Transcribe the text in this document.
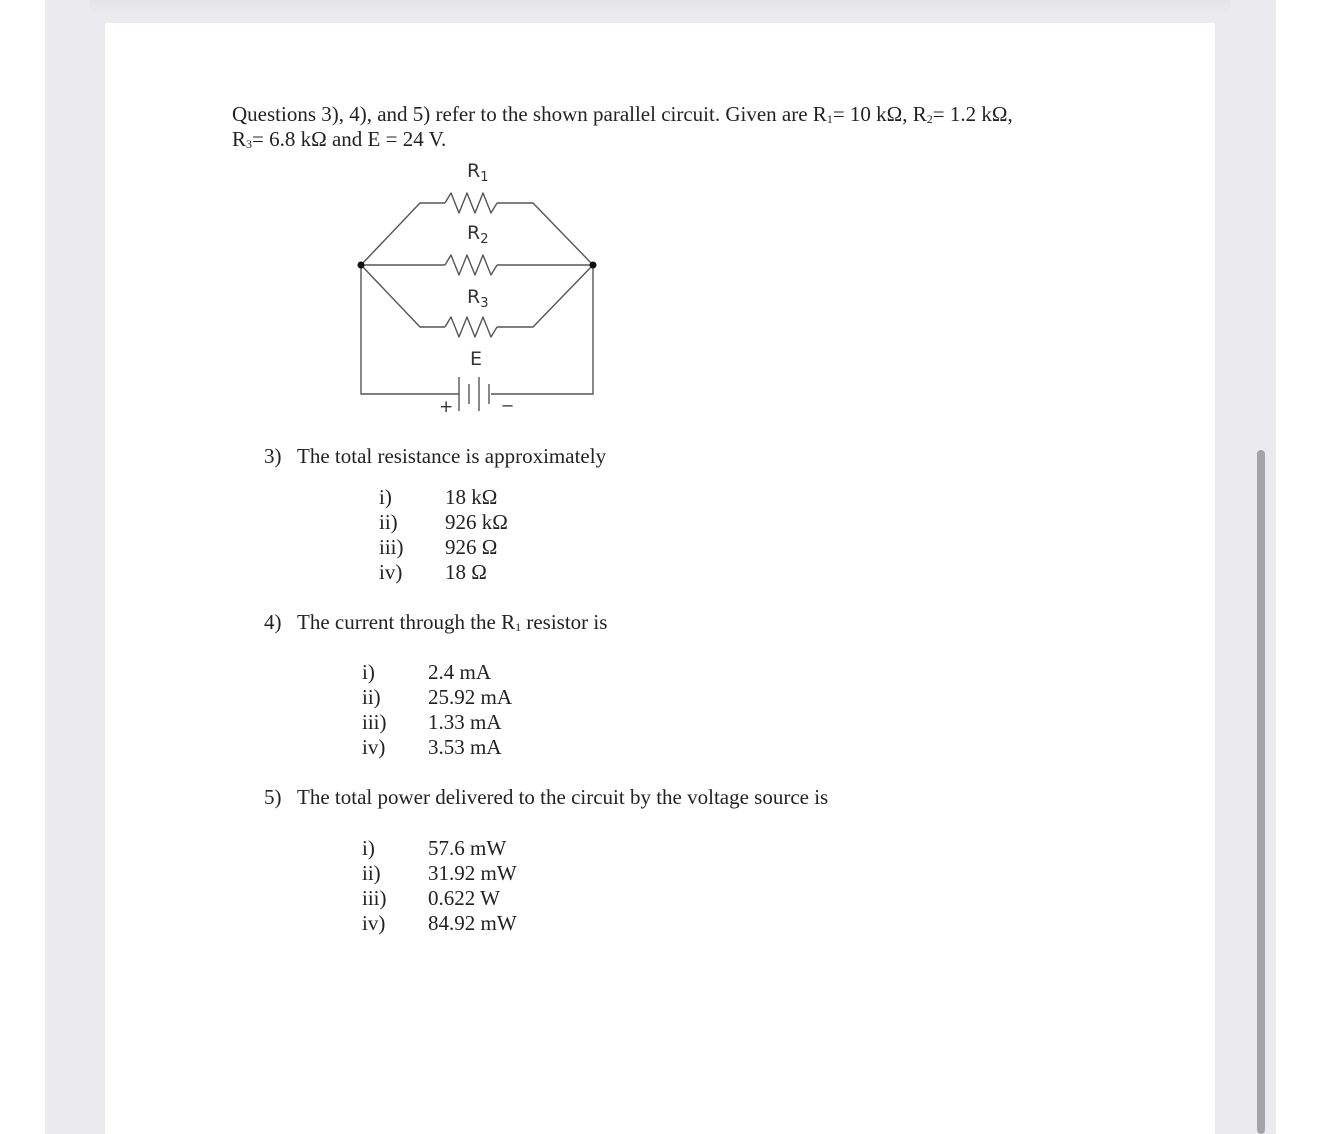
Questions 3), 4), and 5) refer to the shown parallel circuit. Given are $R_1= 10$ kΩ, $R_2= 1.2$ kΩ,
$R_3= 6.8$ kΩ and E = 24 V.
$R_1$
$R_2$
$R_3$
E
+	−
3) The total resistance is approximately
i)	18 kΩ
ii) 926 kΩ
iii) 926 Ω
iv) 18 Ω
4) The current through the $R_1$ resistor is
i)	2.4 mA
ii) 25.92 mA
iii) 1.33 mA
iv) 3.53 mA
5) The total power delivered to the circuit by the voltage source is
i)	57.6 mW
ii) 31.92 mW
iii) 0.622 W
iv) 84.92 mW
